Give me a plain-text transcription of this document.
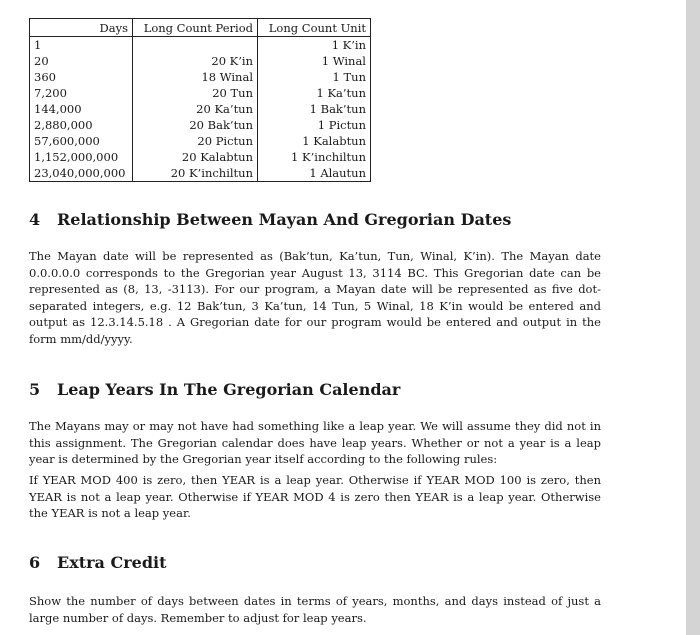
Days	Long Count Period	Long Count Unit
1		1 K’in
20	20 K’in	1 Winal
360	18 Winal	1 Tun
7,200	20 Tun	1 Ka’tun
144,000	20 Ka’tun	1 Bak’tun
2,880,000	20 Bak’tun	1 Pictun
57,600,000	20 Pictun	1 Kalabtun
1,152,000,000	20 Kalabtun	1 K’inchiltun
23,040,000,000	20 K’inchiltun	1 Alautun
4 Relationship Between Mayan And Gregorian Dates

The Mayan date will be represented as (Bak’tun, Ka’tun, Tun, Winal, K’in). The Mayan date 0.0.0.0.0 corresponds to the Gregorian year August 13, 3114 BC. This Gregorian date can be represented as (8, 13, -3113). For our program, a Mayan date will be represented as five dot-separated integers, e.g. 12 Bak’tun, 3 Ka’tun, 14 Tun, 5 Winal, 18 K’in would be entered and output as 12.3.14.5.18 . A Gregorian date for our program would be entered and output in the form mm/dd/yyyy.

5 Leap Years In The Gregorian Calendar

The Mayans may or may not have had something like a leap year. We will assume they did not in this assignment. The Gregorian calendar does have leap years. Whether or not a year is a leap year is determined by the Gregorian year itself according to the following rules:

If YEAR MOD 400 is zero, then YEAR is a leap year. Otherwise if YEAR MOD 100 is zero, then YEAR is not a leap year. Otherwise if YEAR MOD 4 is zero then YEAR is a leap year. Otherwise the YEAR is not a leap year.

6 Extra Credit

Show the number of days between dates in terms of years, months, and days instead of just a large number of days. Remember to adjust for leap years.
